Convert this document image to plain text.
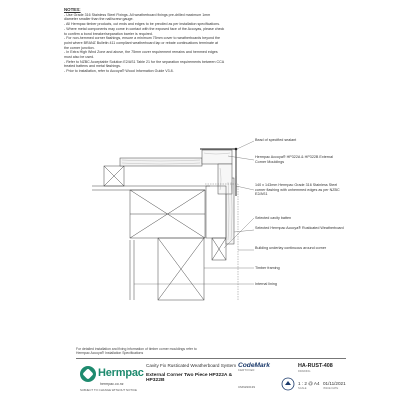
NOTES:

- Use Grade 316 Stainless Steel Fixings. All weatherboard fixings pre-drilled maximum 1mm

diameter smaller than the nail/screw gauge.

- All Hermpac timber products, cut ends and edges to be preoiled as per installation specifications.

- Where metal components may come in contact with the exposed face of the Accoyas, please check

to confirm a bond breaker/separation barrier is required.

- For non-hemmed corner flashings, ensure a minimum 75mm cover to weatherboards beyond the

point where BRANZ Bulletin 411 compliant weatherboard lap or rebate continuations terminate at

the corner junction.

- In Extra High Wind Zone and above, the 75mm cover requirement remains and hemmed edges

must also be used.

- Refer to NZBC Acceptable Solution E2/AS1 Table 21 for the separation requirements between CCA

treated battens and metal flashings.

- Prior to installation, refer to Accoya® Wood Information Guide V3.8.

Bead of specified sealant
Hermpac Accoya® HP322A & HP322B External Corner Mouldings
140 x 143mm Hermpac Grade 316 Stainless Steel corner flashing with unhemmed edges as per NZBC E2/AS1
Selected cavity batten
Selected Hermpac Accoya® Rusticated Weatherboard
Building underlay continuous around corner
Timber framing
Internal lining
For detailed installation and fixing information of timber corner mouldings refer to
Hermpac Accoya® Installation Specifications
Hermpac
hermpac.co.nz
SUBJECT TO CHANGE WITHOUT NOTICE
Cavity Fix Rusticated Weatherboard System
External Corner Two Piece HP322A & HP322B
CodeMark
CERTIFIED
CMNZ20139
HA-RUST-408
DRAWING
1 : 2 @ A4
SCALE
01/11/2021
ISSUE DATE
